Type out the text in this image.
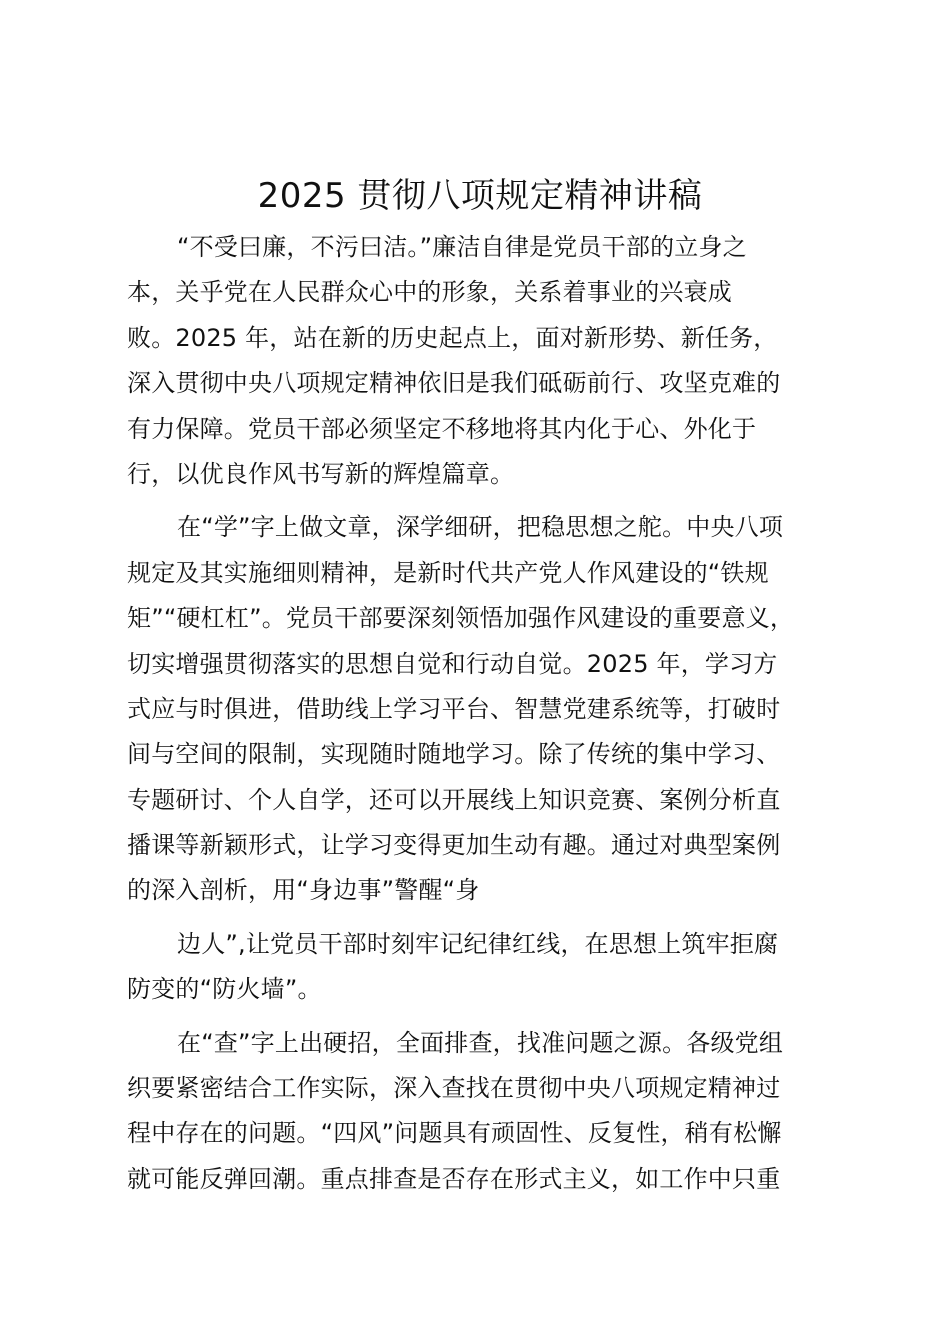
2025 贯彻八项规定精神讲稿
“不受曰廉，不污曰洁。”廉洁自律是党员干部的立身之
本，关乎党在人民群众心中的形象，关系着事业的兴衰成
败。2025 年，站在新的历史起点上，面对新形势、新任务，
深入贯彻中央八项规定精神依旧是我们砥砺前行、攻坚克难的
有力保障。党员干部必须坚定不移地将其内化于心、外化于
行，以优良作风书写新的辉煌篇章。
在“学”字上做文章，深学细研，把稳思想之舵。中央八项
规定及其实施细则精神，是新时代共产党人作风建设的“铁规
矩”“硬杠杠”。党员干部要深刻领悟加强作风建设的重要意义，
切实增强贯彻落实的思想自觉和行动自觉。2025 年，学习方
式应与时俱进，借助线上学习平台、智慧党建系统等，打破时
间与空间的限制，实现随时随地学习。除了传统的集中学习、
专题研讨、个人自学，还可以开展线上知识竞赛、案例分析直
播课等新颖形式，让学习变得更加生动有趣。通过对典型案例
的深入剖析，用“身边事”警醒“身
边人”,让党员干部时刻牢记纪律红线，在思想上筑牢拒腐
防变的“防火墙”。
在“查”字上出硬招，全面排查，找准问题之源。各级党组
织要紧密结合工作实际，深入查找在贯彻中央八项规定精神过
程中存在的问题。“四风”问题具有顽固性、反复性，稍有松懈
就可能反弹回潮。重点排查是否存在形式主义，如工作中只重
